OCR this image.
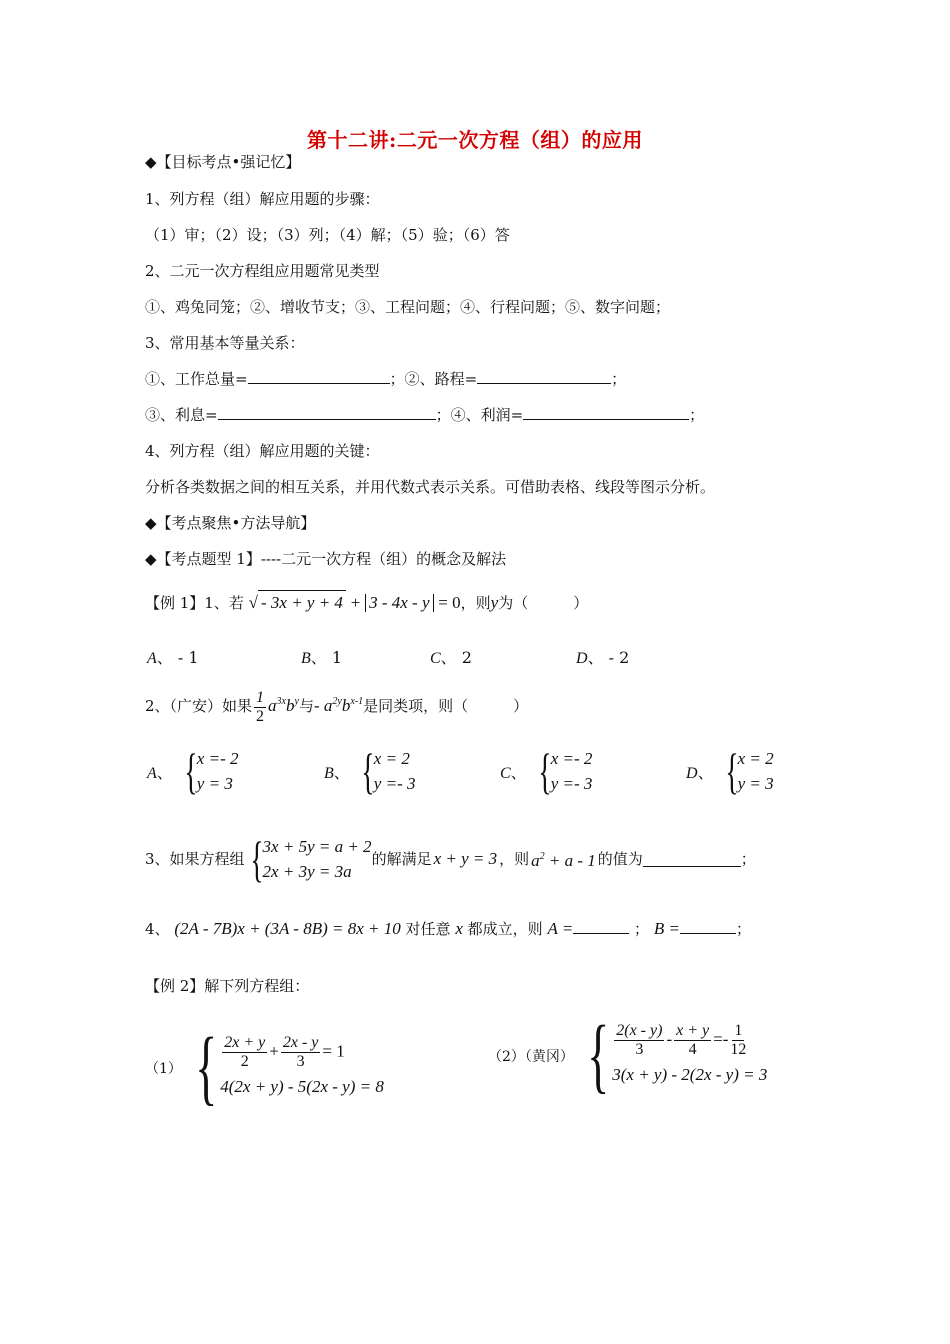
第十二讲:二元一次方程（组）的应用
◆【目标考点•强记忆】
1、列方程（组）解应用题的步骤：
（1）审；（2）设；（3）列；（4）解；（5）验；（6）答
2、二元一次方程组应用题常见类型
①、鸡兔同笼；②、增收节支；③、工程问题；④、行程问题；⑤、数字问题；
3、常用基本等量关系：
①、工作总量=	；②、路程=	；
③、利息=	；④、利润=	；
4、列方程（组）解应用题的关键：
分析各类数据之间的相互关系，并用代数式表示关系。可借助表格、线段等图示分析。
◆【考点聚焦•方法导航】
◆【考点题型 1】----二元一次方程（组）的概念及解法
【例 1】1、若 √ - 3x + y + 4 + 3 - 4x - y = 0，则y为（　　　）
A、 - 1	B、 1	C、 2	D、 - 2
2、（广安）如果 $\frac{1}{2} a^{3x}b^y$与- $a^{2y}b^{x-1}$是同类项，则（　　　）
A、 { x =- 2
y = 3
B、 { x = 2
y =- 3
C、 { x =- 2
y =- 3
D、 { x = 2
y = 3
3、如果方程组 { 3x + 5y = a + 2
2x + 3y = 3a
的解满足 x + y = 3 ，则 $a^2 + a - 1$ 的值为	；
4、 (2A - 7B)x + (3A - 8B) = 8x + 10 对任意 x 都成立，则 A =	； B =	；
【例 2】解下列方程组：
（1） { $\frac{2x + y}{2} + \frac{2x - y}{3} = 1$
4(2x + y) - 5(2x - y) = 8
（2）（黄冈） { $\frac{2(x - y)}{3} - \frac{x + y}{4} =- \frac{1}{12}$
3(x + y) - 2(2x - y) = 3
